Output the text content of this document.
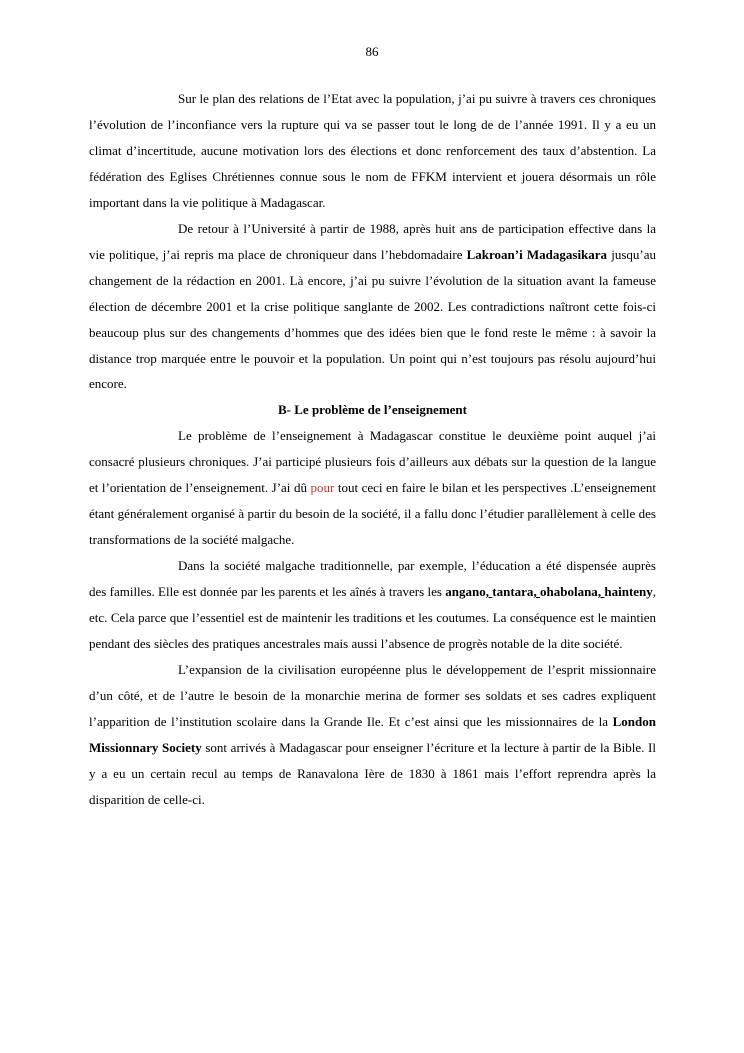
86

Sur le plan des relations de l’Etat avec la population, j’ai pu suivre à travers ces chroniques l’évolution de l’inconfiance vers la rupture qui va se passer tout le long de de l’année 1991. Il y a eu un climat d’incertitude, aucune motivation lors des élections et donc renforcement des taux d’abstention. La fédération des Eglises Chrétiennes connue sous le nom de FFKM intervient et jouera désormais un rôle important dans la vie politique à Madagascar.

De retour à l’Université à partir de 1988, après huit ans de participation effective dans la vie politique, j’ai repris ma place de chroniqueur dans l’hebdomadaire Lakroan’i Madagasikara jusqu’au changement de la rédaction en 2001. Là encore, j’ai pu suivre l’évolution de la situation avant la fameuse élection de décembre 2001 et la crise politique sanglante de 2002. Les contradictions naîtront cette fois-ci beaucoup plus sur des changements d’hommes que des idées bien que le fond reste le même : à savoir la distance trop marquée entre le pouvoir et la population. Un point qui n’est toujours pas résolu aujourd’hui encore.

B- Le problème de l’enseignement

Le problème de l’enseignement à Madagascar constitue le deuxième point auquel j’ai consacré plusieurs chroniques. J’ai participé plusieurs fois d’ailleurs aux débats sur la question de la langue et l’orientation de l’enseignement. J’ai dû pour tout ceci en faire le bilan et les perspectives .L’enseignement étant généralement organisé à partir du besoin de la société, il a fallu donc l’étudier parallèlement à celle des transformations de la société malgache.

Dans la société malgache traditionnelle, par exemple, l’éducation a été dispensée auprès des familles. Elle est donnée par les parents et les aînés à travers les angano, tantara, ohabolana, hainteny, etc. Cela parce que l’essentiel est de maintenir les traditions et les coutumes. La conséquence est le maintien pendant des siècles des pratiques ancestrales mais aussi l’absence de progrès notable de la dite société.

L’expansion de la civilisation européenne plus le développement de l’esprit missionnaire d’un côté, et de l’autre le besoin de la monarchie merina de former ses soldats et ses cadres expliquent l’apparition de l’institution scolaire dans la Grande Ile. Et c’est ainsi que les missionnaires de la London Missionnary Society sont arrivés à Madagascar pour enseigner l’écriture et la lecture à partir de la Bible. Il y a eu un certain recul au temps de Ranavalona Ière de 1830 à 1861 mais l’effort reprendra après la disparition de celle-ci.
